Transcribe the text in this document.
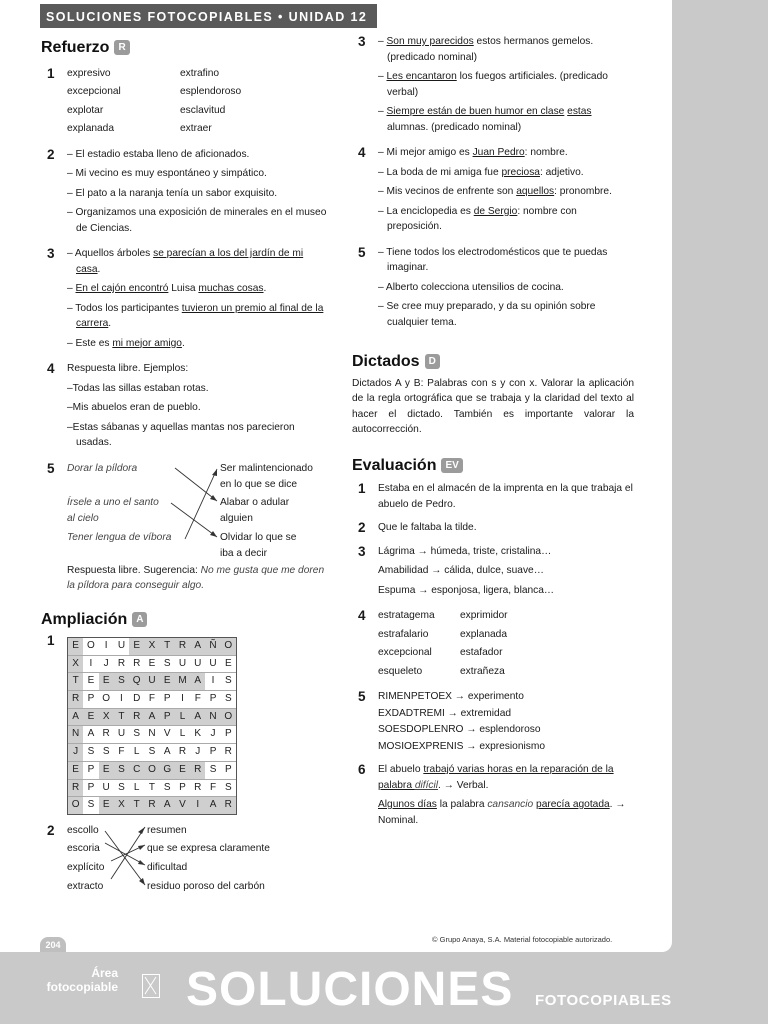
SOLUCIONES FOTOCOPIABLES • UNIDAD 12
Refuerzo R
1	expresivo	extrafino
excepcional	esplendoroso
explotar	esclavitud
explanada	extraer
2	– El estadio estaba lleno de aficionados.
– Mi vecino es muy espontáneo y simpático.
– El pato a la naranja tenía un sabor exquisito.
– Organizamos una exposición de minerales en el museo de Ciencias.
3	– Aquellos árboles se parecían a los del jardín de mi casa.
– En el cajón encontró Luisa muchas cosas.
– Todos los participantes tuvieron un premio al final de la carrera.
– Este es mi mejor amigo.
4	Respuesta libre. Ejemplos:
–Todas las sillas estaban rotas.
–Mis abuelos eran de pueblo.
–Estas sábanas y aquellas mantas nos parecieron usadas.
5	Dorar la píldora
Írsele a uno el santo
al cielo
Tener lengua de víbora
Ser malintencionado
en lo que se dice
Alabar o adular
alguien
Olvidar lo que se
iba a decir
Respuesta libre. Sugerencia: No me gusta que me doren la píldora para conseguir algo.
Ampliación A
1	E O I	U E X T R A Ñ O
X	I	J R R E S U U U E
T E E S Q U E M A	I	S
R P O I	D F P	I	F P S
A E X T R A P L A N O
N A R U S N V L K J P
J S S F L S A R J P R
E P E S C O G E R S P
R P U S L T S P R F S
O S E X T R A V	I	A R
2	escollo
escoria
explícito
extracto
resumen
que se expresa claramente
dificultad
residuo poroso del carbón
3	– Son muy parecidos estos hermanos gemelos. (predicado nominal)
– Les encantaron los fuegos artificiales. (predicado verbal)
– Siempre están de buen humor en clase estas alumnas. (predicado nominal)
4	– Mi mejor amigo es Juan Pedro: nombre.
– La boda de mi amiga fue preciosa: adjetivo.
– Mis vecinos de enfrente son aquellos: pronombre.
– La enciclopedia es de Sergio: nombre con preposición.
5	– Tiene todos los electrodomésticos que te puedas imaginar.
– Alberto colecciona utensilios de cocina.
– Se cree muy preparado, y da su opinión sobre cualquier tema.
Dictados D
Dictados A y B: Palabras con s y con x. Valorar la aplicación de la regla ortográfica que se trabaja y la claridad del texto al hacer el dictado. También es importante valorar la autocorrección.
Evaluación EV
1	Estaba en el almacén de la imprenta en la que trabaja el abuelo de Pedro.
2	Que le faltaba la tilde.
3	Lágrima → húmeda, triste, cristalina…
Amabilidad → cálida, dulce, suave…
Espuma → esponjosa, ligera, blanca…
4	estratagema	exprimidor
estrafalario	explanada
excepcional	estafador
esqueleto	extrañeza
5	RIMENPETOEX → experimento
EXDADTREMI → extremidad
SOESDOPLENRO → esplendoroso
MOSIOEXPRENIS → expresionismo
6	El abuelo trabajó varias horas en la reparación de la palabra difícil. → Verbal.
Algunos días la palabra cansancio parecía agotada. → Nominal.
204
© Grupo Anaya, S.A. Material fotocopiable autorizado.
Área
fotocopiable SOLUCIONES FOTOCOPIABLES
